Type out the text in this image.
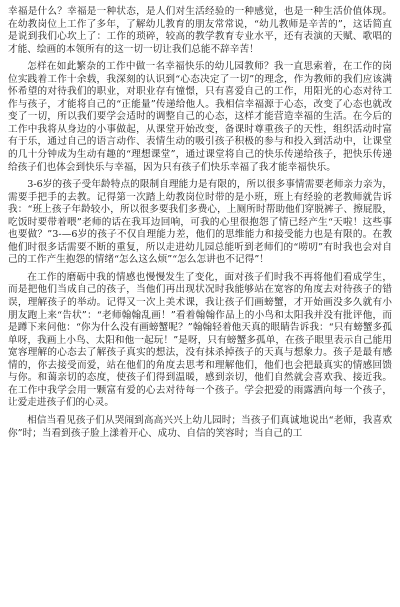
幸福是什么？幸福是一种状态，是人们对生活经验的一种感觉，也是一种生活价值体现。在幼教岗位上工作了多年，了解幼儿教育的朋友常常说，“幼儿教师是辛苦的”，这话简直是说到我们心坎上了：工作的琐碎，较高的教学教育专业水平，还有表演的天赋、歌唱的才能、绘画的本领所有的这一切一切让我们总能不辞辛苦！

怎样在如此繁杂的工作中做一名幸福快乐的幼儿园教师？我一直思索着，在工作的岗位实践着工作十余载，我深刻的认识到“心态决定了一切”的理念，作为教师的我们应该满怀希望的对待我们的职业，对职业存有憧憬，只有喜爱自己的工作，用阳光的心态对待工作与孩子，才能将自己的“正能量”传递给他人。我相信幸福源于心态，改变了心态也就改变了一切，所以我们要学会适时的调整自己的心态，这样才能营造幸福的生活。在今后的工作中我将从身边的小事做起，从课堂开始改变，备课时尊重孩子的天性，组织活动时富有于乐，通过自己的语言动作、表情生动的吸引孩子积极的参与和投入到活动中，让课堂的几十分钟成为生动有趣的“理想课堂”，通过课堂将自己的快乐传递给孩子，把快乐传递给孩子们也体会到快乐与幸福，因为只有孩子们快乐幸福了我才能幸福快乐。

3-6岁的孩子受年龄特点的限制自理能力是有限的，所以很多事情需要老师亲力亲为，需要手把手的去教。记得第一次踏上幼教岗位时带的是小班，班上有经验的老教师就告诉我：“班上孩子年龄较小，所以很多要我们多费心，上厕所时帮助他们穿脱裤子、擦屁股，吃饭时要带着喂”老师的话在我耳边回响，可我的心里很抱怨了情已经产生“天啦！这些事也要做？”3-—6岁的孩子不仅自理能力差，他们的思维能力和接受能力也是有限的。在教他们时很多话需要不断的重复，所以走进幼儿园总能听到老师们的“唠叨”有时我也会对自己的工作产生抱怨的情绪“怎么这么烦”“怎么怎讲也不记得”！

在工作的磨砺中我的情感也慢慢发生了变化，面对孩子们时我不再将他们看成学生，而是把他们当成自己的孩子，当他们再出现状况时我能够站在宽容的角度去对待孩子的错误，理解孩子的举动。记得又一次上美术课，我让孩子们画螃蟹，才开始画没多久就有小朋友跑上来“告状”：“老师翰翰乱画！”看着翰翰作品上的小鸟和太阳我并没有批评他，而是蹲下来问他：“你为什么没有画螃蟹呢？”翰翰轻着他天真的眼睛告诉我：“只有螃蟹多孤单呀，我画上小鸟、太阳和他一起玩！”是呀，只有螃蟹多孤单，在孩子眼里表示自己能用宽容理解的心态去了解孩子真实的想法，没有抹杀掉孩子的天真与想象力。孩子是最有感情的，你去接受而爱，站在他们的角度去思考和理解他们，他们也会把最真实的情感回馈与你。和蔼亲切的态度，使孩子们得到温暖，感到亲切，他们自然就会喜欢我、接近我。在工作中我学会用一颗富有爱的心去对待每一个孩子。学会把爱的雨露洒向每一个孩子，让爱走进孩子们的心灵。

相信当看见孩子们从哭闹到高高兴兴上幼儿园时；当孩子们真诚地说出“老师，我喜欢你”时；当看到孩子脸上漾着开心、成功、自信的笑容时；当自己的工
